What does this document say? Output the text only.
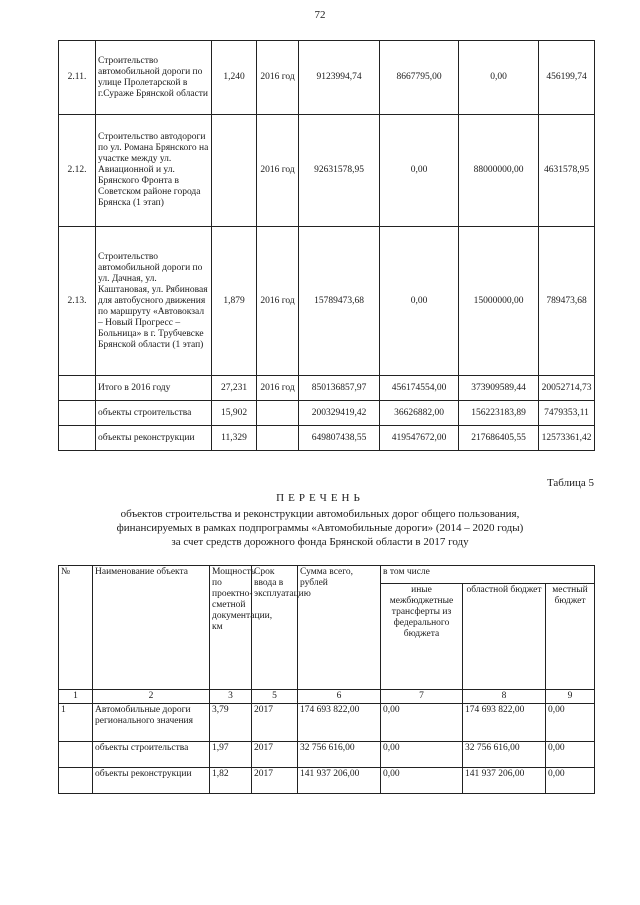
72
2.11.	Строительство автомобильной дороги по улице Пролетарской в г.Сураже Брянской области	1,240	2016 год	9123994,74	8667795,00	0,00	456199,74
2.12.	Строительство автодороги по ул. Романа Брянского на участке между ул. Авиационной и ул. Брянского Фронта в Советском районе города Брянска (1 этап)		2016 год	92631578,95	0,00	88000000,00	4631578,95
2.13.	Строительство автомобильной дороги по ул. Дачная, ул. Каштановая, ул. Рябиновая для автобусного движения по маршруту «Автовокзал – Новый Прогресс – Больница» в г. Трубчевске Брянской области (1 этап)	1,879	2016 год	15789473,68	0,00	15000000,00	789473,68
	Итого в 2016 году	27,231	2016 год	850136857,97	456174554,00	373909589,44	20052714,73
	объекты строительства	15,902		200329419,42	36626882,00	156223183,89	7479353,11
	объекты реконструкции	11,329		649807438,55	419547672,00	217686405,55	12573361,42
Таблица 5
ПЕРЕЧЕНЬ
объектов строительства и реконструкции автомобильных дорог общего пользования,
финансируемых в рамках подпрограммы «Автомобильные дороги» (2014 – 2020 годы)
за счет средств дорожного фонда Брянской области в 2017 году
№	Наименование объекта	Мощность по проектно-сметной документации, км	Срок ввода в эксплуатацию	Сумма всего, рублей	в том числе		
					иные межбюджетные трансферты из федерального бюджета	областной бюджет	местный бюджет
1	2	3	5	6	7	8	9
1	Автомобильные дороги регионального значения	3,79	2017	174 693 822,00	0,00	174 693 822,00	0,00
	объекты строительства	1,97	2017	32 756 616,00	0,00	32 756 616,00	0,00
	объекты реконструкции	1,82	2017	141 937 206,00	0,00	141 937 206,00	0,00
